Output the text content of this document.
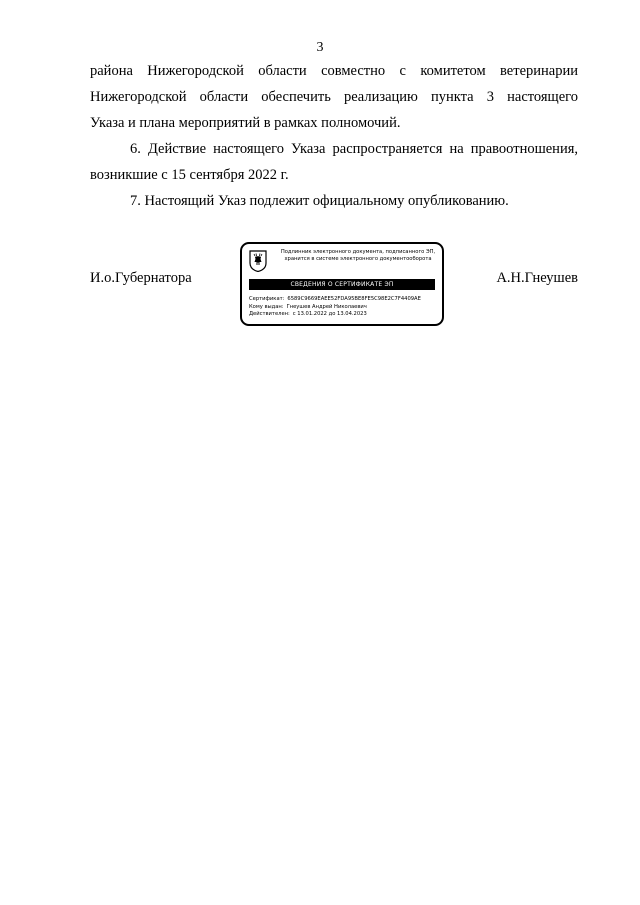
3
района Нижегородской области совместно с комитетом ветеринарии
Нижегородской области обеспечить реализацию пункта 3 настоящего
Указа и плана мероприятий в рамках полномочий.
6. Действие настоящего Указа распространяется на правоотношения,
возникшие с 15 сентября 2022 г.
7. Настоящий Указ подлежит официальному опубликованию.
И.о.Губернатора	А.Н.Гнеушев
Подлинник электронного документа, подписанного ЭП, хранится в системе электронного документооборота
СВЕДЕНИЯ О СЕРТИФИКАТЕ ЭП
Сертификат: 6589C9669EAEE52FDA95BE8FE5C98E2C7F4409AE
Кому выдан: Гнеушев Андрей Николаевич
Действителен: с 13.01.2022 до 13.04.2023
